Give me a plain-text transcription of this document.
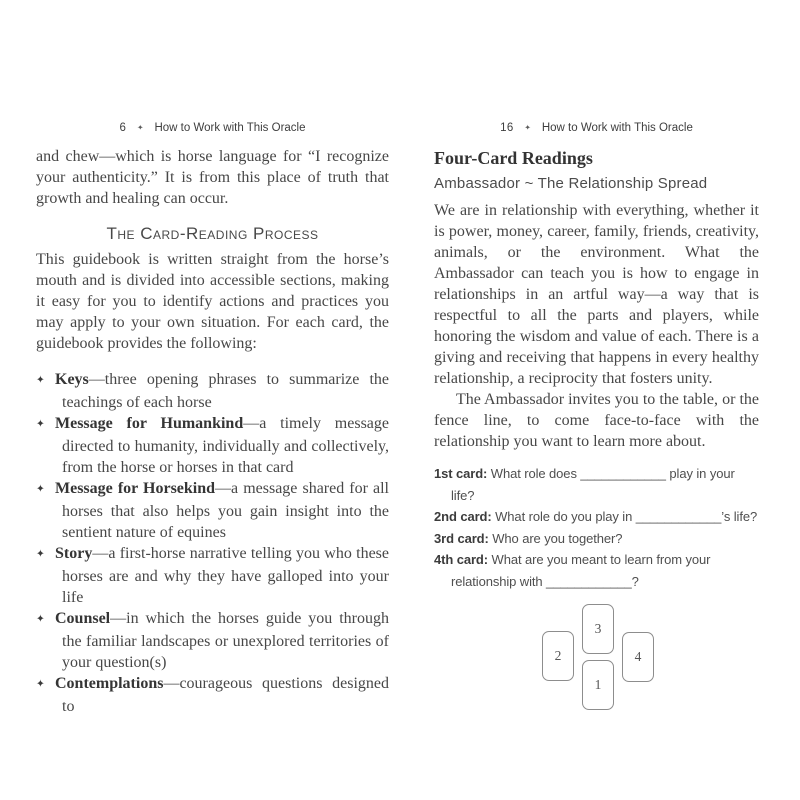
6 ✦ How to Work with This Oracle

and chew—which is horse language for “I recognize your authenticity.” It is from this place of truth that growth and healing can occur.

The Card-Reading Process

This guidebook is written straight from the horse’s mouth and is divided into accessible sections, making it easy for you to identify actions and practices you may apply to your own situation. For each card, the guidebook provides the following:

✦ Keys—three opening phrases to summarize the teachings of each horse
✦ Message for Humankind—a timely message directed to humanity, individually and collectively, from the horse or horses in that card
✦ Message for Horsekind—a message shared for all horses that also helps you gain insight into the sentient nature of equines
✦ Story—a first-horse narrative telling you who these horses are and why they have galloped into your life
✦ Counsel—in which the horses guide you through the familiar landscapes or unexplored territories of your question(s)
✦ Contemplations—courageous questions designed to
16 ✦ How to Work with This Oracle
Four-Card Readings
Ambassador ~ The Relationship Spread

We are in relationship with everything, whether it is power, money, career, family, friends, creativity, animals, or the environment. What the Ambassador can teach you is how to engage in relationships in an artful way—a way that is respectful to all the parts and players, while honoring the wisdom and value of each. There is a giving and receiving that happens in every healthy relationship, a reciprocity that fosters unity.

The Ambassador invites you to the table, or the fence line, to come face-to-face with the relationship you want to learn more about.

1st card: What role does ____________ play in your life?
2nd card: What role do you play in ____________’s life?
3rd card: Who are you together?
4th card: What are you meant to learn from your relationship with ____________?
3
2	4
1
